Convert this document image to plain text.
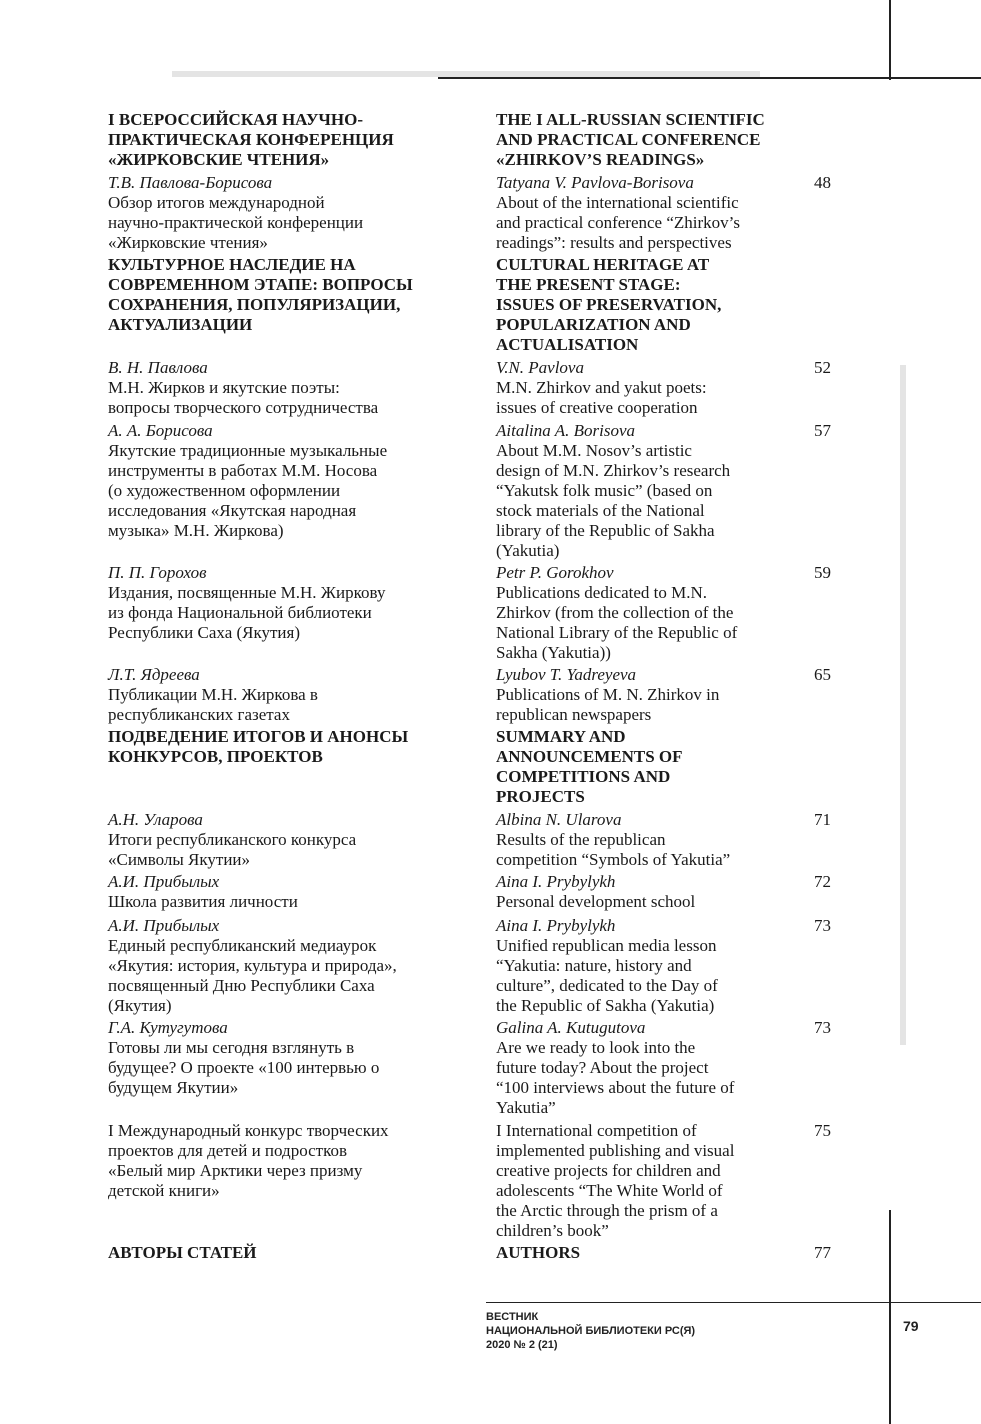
I ВСЕРОССИЙСКАЯ НАУЧНО-
ПРАКТИЧЕСКАЯ КОНФЕРЕНЦИЯ
«ЖИРКОВСКИЕ ЧТЕНИЯ»
THE I ALL-RUSSIAN SCIENTIFIC
AND PRACTICAL CONFERENCE
«ZHIRKOV’S READINGS»
Т.В. Павлова-Борисова
Обзор итогов международной
научно-практической конференции
«Жирковские чтения»
Tatyana V. Pavlova-Borisova
About of the international scientific
and practical conference “Zhirkov’s
readings”: results and perspectives
48
КУЛЬТУРНОЕ НАСЛЕДИЕ НА
СОВРЕМЕННОМ ЭТАПЕ: ВОПРОСЫ
СОХРАНЕНИЯ, ПОПУЛЯРИЗАЦИИ,
АКТУАЛИЗАЦИИ
CULTURAL HERITAGE AT
THE PRESENT STAGE:
ISSUES OF PRESERVATION,
POPULARIZATION AND
ACTUALISATION
В. Н. Павлова
М.Н. Жирков и якутские поэты:
вопросы творческого сотрудничества
V.N. Pavlova
M.N. Zhirkov and yakut poets:
issues of creative cooperation
52
А. А. Борисова
Якутские традиционные музыкальные
инструменты в работах М.М. Носова
(о художественном оформлении
исследования «Якутская народная
музыка» М.Н. Жиркова)
Aitalina A. Borisova
About M.M. Nosov’s artistic
design of M.N. Zhirkov’s research
“Yakutsk folk music” (based on
stock materials of the National
library of the Republic of Sakha
(Yakutia)
57
П. П. Горохов
Издания, посвященные М.Н. Жиркову
из фонда Национальной библиотеки
Республики Саха (Якутия)
Petr P. Gorokhov
Publications dedicated to M.N.
Zhirkov (from the collection of the
National Library of the Republic of
Sakha (Yakutia))
59
Л.Т. Ядреева
Публикации М.Н. Жиркова в
республиканских газетах
Lyubov T. Yadreyeva
Publications of M. N. Zhirkov in
republican newspapers
65
ПОДВЕДЕНИЕ ИТОГОВ И АНОНСЫ
КОНКУРСОВ, ПРОЕКТОВ
SUMMARY AND
ANNOUNCEMENTS OF
COMPETITIONS AND
PROJECTS
А.Н. Уларова
Итоги республиканского конкурса
«Символы Якутии»
Albina N. Ularova
Results of the republican
competition “Symbols of Yakutia”
71
А.И. Прибылых
Школа развития личности
Aina I. Prybylykh
Personal development school
72
А.И. Прибылых
Единый республиканский медиаурок
«Якутия: история, культура и природа»,
посвященный Дню Республики Саха
(Якутия)
Aina I. Prybylykh
Unified republican media lesson
“Yakutia: nature, history and
culture”, dedicated to the Day of
the Republic of Sakha (Yakutia)
73
Г.А. Кутугутова
Готовы ли мы сегодня взглянуть в
будущее? О проекте «100 интервью о
будущем Якутии»
Galina A. Kutugutova
Are we ready to look into the
future today? About the project
“100 interviews about the future of
Yakutia”
73
I Международный конкурс творческих
проектов для детей и подростков
«Белый мир Арктики через призму
детской книги»
I International competition of
implemented publishing and visual
creative projects for children and
adolescents “The White World of
the Arctic through the prism of a
children’s book”
75
АВТОРЫ СТАТЕЙ	AUTHORS	77
ВЕСТНИК
НАЦИОНАЛЬНОЙ БИБЛИОТЕКИ РС(Я)
2020 № 2 (21)
79
